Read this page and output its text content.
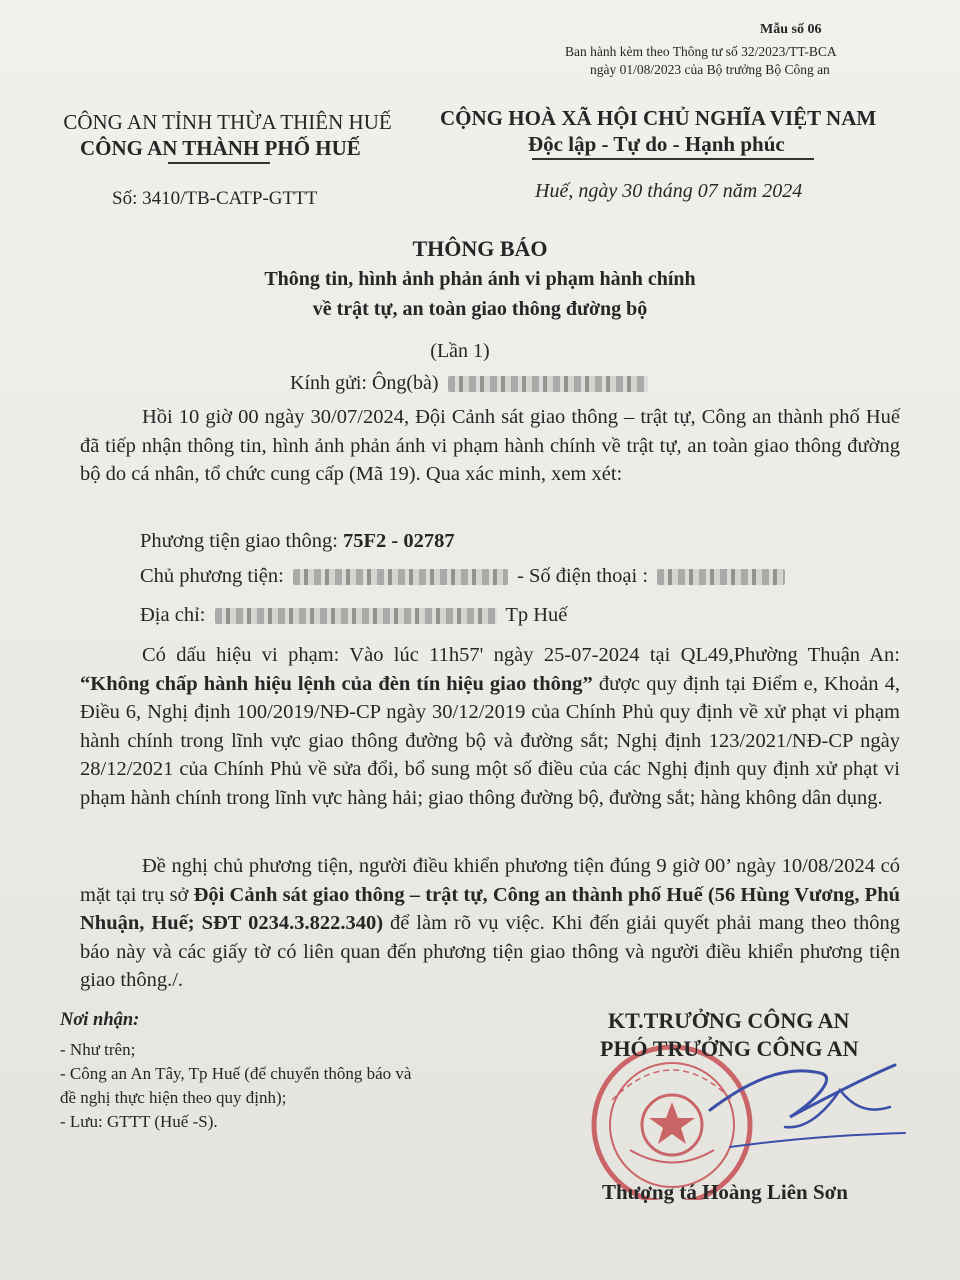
Mẫu số 06
Ban hành kèm theo Thông tư số 32/2023/TT-BCA
ngày 01/08/2023 của Bộ trưởng Bộ Công an
CÔNG AN TỈNH THỪA THIÊN HUẾ
CÔNG AN THÀNH PHỐ HUẾ
CỘNG HOÀ XÃ HỘI CHỦ NGHĨA VIỆT NAM
Độc lập - Tự do - Hạnh phúc
Số: 3410/TB-CATP-GTTT	Huế, ngày 30 tháng 07 năm 2024
THÔNG BÁO
Thông tin, hình ảnh phản ánh vi phạm hành chính
về trật tự, an toàn giao thông đường bộ
(Lần 1)
Kính gửi: Ông(bà)
Hồi 10 giờ 00 ngày 30/07/2024, Đội Cảnh sát giao thông – trật tự, Công an thành phố Huế đã tiếp nhận thông tin, hình ảnh phản ánh vi phạm hành chính về trật tự, an toàn giao thông đường bộ do cá nhân, tổ chức cung cấp (Mã 19). Qua xác minh, xem xét:
Phương tiện giao thông: 75F2 - 02787
Chủ phương tiện:	- Số điện thoại :
Địa chỉ:	Tp Huế
Có dấu hiệu vi phạm: Vào lúc 11h57' ngày 25-07-2024 tại QL49,Phường Thuận An: “Không chấp hành hiệu lệnh của đèn tín hiệu giao thông” được quy định tại Điểm e, Khoản 4, Điều 6, Nghị định 100/2019/NĐ-CP ngày 30/12/2019 của Chính Phủ quy định về xử phạt vi phạm hành chính trong lĩnh vực giao thông đường bộ và đường sắt; Nghị định 123/2021/NĐ-CP ngày 28/12/2021 của Chính Phủ về sửa đổi, bổ sung một số điều của các Nghị định quy định xử phạt vi phạm hành chính trong lĩnh vực hàng hải; giao thông đường bộ, đường sắt; hàng không dân dụng.
Đề nghị chủ phương tiện, người điều khiển phương tiện đúng 9 giờ 00’ ngày 10/08/2024 có mặt tại trụ sở Đội Cảnh sát giao thông – trật tự, Công an thành phố Huế (56 Hùng Vương, Phú Nhuận, Huế; SĐT 0234.3.822.340) để làm rõ vụ việc. Khi đến giải quyết phải mang theo thông báo này và các giấy tờ có liên quan đến phương tiện giao thông và người điều khiển phương tiện giao thông./.
Nơi nhận:
- Như trên;
- Công an An Tây, Tp Huế (để chuyển thông báo và
đề nghị thực hiện theo quy định);
- Lưu: GTTT (Huế -S).
KT.TRƯỞNG CÔNG AN
PHÓ TRƯỞNG CÔNG AN
Thượng tá Hoàng Liên Sơn
